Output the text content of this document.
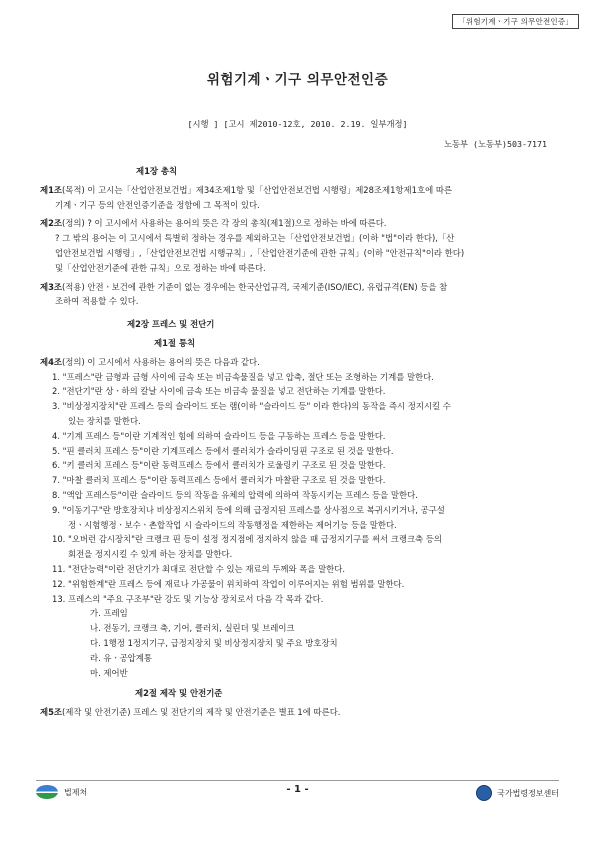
「위험기계ㆍ기구 의무안전인증」
위험기계ㆍ기구 의무안전인증
[시행 ] [고시 제2010-12호, 2010. 2.19. 일부개정]
노동부 (노동부)503-7171
제1장 총칙

제1조(목적) 이 고시는「산업안전보건법」제34조제1항 및「산업안전보건법 시행령」제28조제1항제1호에 따른

기계ㆍ기구 등의 안전인증기준을 정함에 그 목적이 있다.

제2조(정의) ? 이 고시에서 사용하는 용어의 뜻은 각 장의 총칙(제1절)으로 정하는 바에 따른다.

? 그 밖의 용어는 이 고시에서 특별히 정하는 경우를 제외하고는「산업안전보건법」(이하 "법"이라 한다),「산

업안전보건법 시행령」,「산업안전보건법 시행규칙」,「산업안전기준에 관한 규칙」(이하 "안전규칙"이라 한다)

및「산업안전기준에 관한 규칙」으로 정하는 바에 따른다.

제3조(적용) 안전ㆍ보건에 관한 기준이 없는 경우에는 한국산업규격, 국제기준(ISO/IEC), 유럽규격(EN) 등을 참

조하여 적용할 수 있다.

제2장 프레스 및 전단기
제1절 통칙

제4조(정의) 이 고시에서 사용하는 용어의 뜻은 다음과 같다.

1. "프레스"란 금형과 금형 사이에 금속 또는 비금속물질을 넣고 압축, 절단 또는 조형하는 기계를 말한다.

2. "전단기"란 상ㆍ하의 칼날 사이에 금속 또는 비금속 물질을 넣고 전단하는 기계를 말한다.

3. "비상정지장치"란 프레스 등의 슬라이드 또는 램(이하 "슬라이드 등" 이라 한다)의 동작을 즉시 정지시킬 수

있는 장치를 말한다.

4. "기계 프레스 등"이란 기계적인 힘에 의하여 슬라이드 등을 구동하는 프레스 등을 말한다.

5. "핀 클러치 프레스 등"이란 기계프레스 등에서 클러치가 슬라이딩핀 구조로 된 것을 말한다.

6. "키 클러치 프레스 등"이란 동력프레스 등에서 클러치가 로울링키 구조로 된 것을 말한다.

7. "마찰 클러치 프레스 등"이란 동력프레스 등에서 클러치가 마찰판 구조로 된 것을 말한다.

8. "액압 프레스등"이란 슬라이드 등의 작동을 유체의 압력에 의하여 작동시키는 프레스 등을 말한다.

9. "이동기구"란 방호장치나 비상정지스위치 등에 의해 급정지된 프레스를 상사점으로 복귀시키거나, 공구설

정ㆍ시험행정ㆍ보수ㆍ촌합작업 시 슬라이드의 작동행정을 제한하는 제어기능 등을 말한다.

10. "오버런 감시장치"란 크랭크 핀 등이 설정 정지점에 정지하지 않을 때 급정지기구를 써서 크랭크축 등의

회전을 정지시킬 수 있게 하는 장치를 말한다.

11. "전단능력"이란 전단기가 최대로 전단할 수 있는 재료의 두께와 폭을 말한다.

12. "위험한계"란 프레스 등에 재료나 가공물이 위치하여 작업이 이루어지는 위험 범위를 말한다.

13. 프레스의 "주요 구조부"란 강도 및 기능상 장치로서 다음 각 목과 같다.

가. 프레임

나. 전동기, 크랭크 축, 기어, 클러치, 실린더 및 브레이크

다. 1행정 1정지기구, 급정지장치 및 비상정지장치 및 주요 방호장치

라. 유ㆍ공압계통

마. 제어반

제2절 제작 및 안전기준

제5조(제작 및 안전기준) 프레스 및 전단기의 제작 및 안전기준은 별표 1에 따른다.

법제처	- 1 -	국가법령정보센터
